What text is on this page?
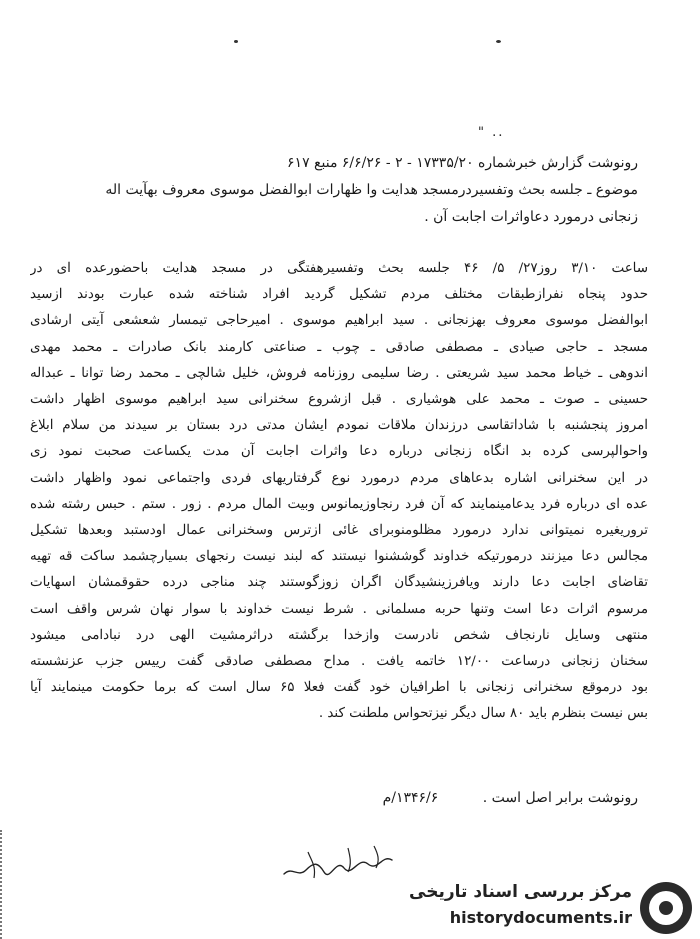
" ..
رونوشت گزارش خبرشماره ۱۷۳۳۵/۲۰ - ۲ - ۶/۶/۲۶ منبع ۶۱۷
موضوع ـ جلسه بحث وتفسیردرمسجد هدایت وا ظهارات ابوالفضل موسوی معروف بهآیت اله
زنجانی درمورد دعاواثرات اجابت آن .
ساعت ۳/۱۰ روز۲۷/ ۵/ ۴۶ جلسه بحث وتفسیرهفتگی در مسجد هدایت باحضورعده ای در
حدود پنجاه نفرازطبقات مختلف مردم تشکیل گردید افراد شناخته شده عبارت بودند ازسید
ابوالفضل موسوی معروف بهزنجانی . سید ابراهیم موسوی . امیرحاجی تیمسار شعشعی آیتی ارشادی
مسجد ـ حاجی صیادی ـ مصطفی صادقی ـ چوب ـ صناعتی کارمند بانک صادرات ـ محمد مهدی
اندوهی ـ خیاط محمد سید شریعتی . رضا سلیمی روزنامه فروش، خلیل شالچی ـ محمد رضا توانا ـ عبداله
حسینی ـ صوت ـ محمد علی هوشیاری . قبل ازشروع سخنرانی سید ابراهیم موسوی اظهار داشت
امروز پنجشنبه با شاداتقاسی درزندان ملاقات نمودم ایشان مدتی درد بستان بر سیدند من سلام ابلاغ
واحوالپرسی کرده بد انگاه زنجانی درباره دعا واثرات اجابت آن مدت یکساعت صحبت نمود زی
در این سخنرانی اشاره بدعاهای مردم درمورد نوع گرفتاریهای فردی واجتماعی نمود واظهار داشت
عده ای درباره فرد یدعامینمایند که آن فرد رنجاوزیمانوس وبیت المال مردم . زور . ستم . حبس رشته شده
تروریغیره نمیتوانی ندارد درمورد مظلومنوبرای غائی ازترس وسخنرانی عمال اودستبد وبعدها تشکیل
مجالس دعا میزنند درمورتیکه خداوند گوششنوا نیستند که لبند نیست رنجهای بسیارچشمد ساکت قه تهیه
تقاضای اجابت دعا دارند ویافرزینشیدگان اگران زوزگوستند چند مناجی درده حقوقمشان اسهایات
مرسوم اثرات دعا است وتنها حربه مسلمانی . شرط نیست خداوند با سوار نهان شرس واقف است
منتهی وسایل نارنجاف شخص نادرست وازخدا برگشته دراثرمشیت الهی درد نبادامی میشود
سخنان زنجانی درساعت ۱۲/۰۰ خاتمه یافت . مداح مصطفی صادقی گفت رییس جزب عزنشسته
بود درموقع سخنرانی زنجانی با اطرافیان خود گفت فعلا ۶۵ سال است که برما حکومت مینمایند آیا
بس نیست بنظرم باید ۸۰ سال دیگر نیزتحواس ملطنت کند .
رونوشت برابر اصل است . ۱۳۴۶/۶/م
مرکز بررسی اسناد تاریخی
historydocuments.ir
